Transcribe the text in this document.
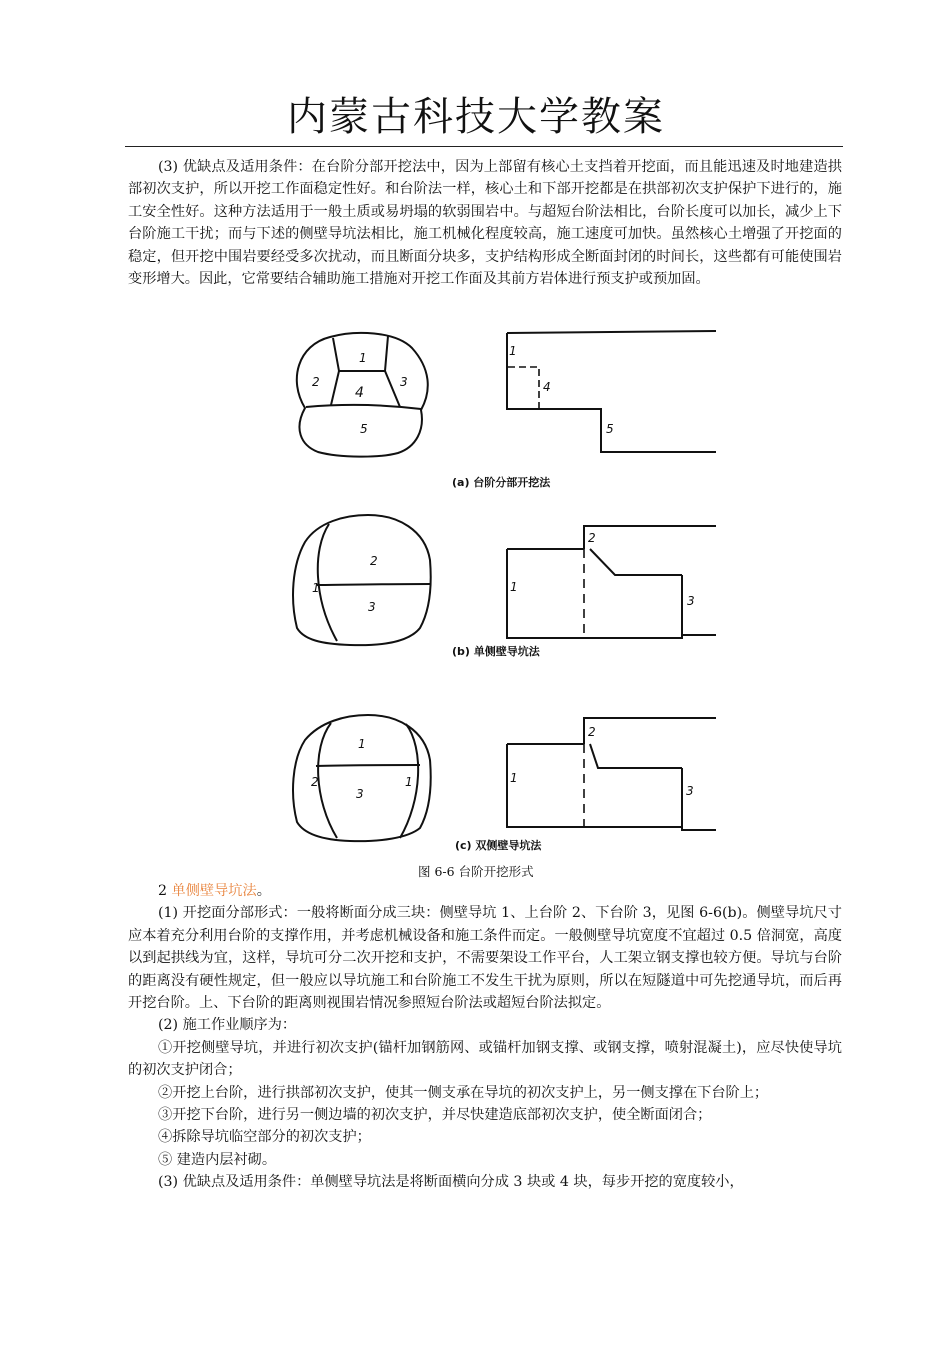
内蒙古科技大学教案

(3) 优缺点及适用条件：在台阶分部开挖法中，因为上部留有核心土支挡着开挖面，而且能迅速及时地建造拱部初次支护，所以开挖工作面稳定性好。和台阶法一样，核心土和下部开挖都是在拱部初次支护保护下进行的，施工安全性好。这种方法适用于一般土质或易坍塌的软弱围岩中。与超短台阶法相比，台阶长度可以加长，减少上下台阶施工干扰；而与下述的侧壁导坑法相比，施工机械化程度较高，施工速度可加快。虽然核心土增强了开挖面的稳定，但开挖中围岩要经受多次扰动，而且断面分块多，支护结构形成全断面封闭的时间长，这些都有可能使围岩变形增大。因此，它常要结合辅助施工措施对开挖工作面及其前方岩体进行预支护或预加固。

1
2	3
4
5
1
4
5
1
2
3
1
2
3
2
1
3
1	1
2
3
(a) 台阶分部开挖法
(b) 单侧壁导坑法
(c) 双侧壁导坑法
图 6-6 台阶开挖形式

2 单侧壁导坑法。

(1) 开挖面分部形式：一般将断面分成三块：侧壁导坑 1、上台阶 2、下台阶 3，见图 6-6(b)。侧壁导坑尺寸应本着充分利用台阶的支撑作用，并考虑机械设备和施工条件而定。一般侧壁导坑宽度不宜超过 0.5 倍洞宽，高度以到起拱线为宜，这样，导坑可分二次开挖和支护，不需要架设工作平台，人工架立钢支撑也较方便。导坑与台阶的距离没有硬性规定，但一般应以导坑施工和台阶施工不发生干扰为原则，所以在短隧道中可先挖通导坑，而后再开挖台阶。上、下台阶的距离则视围岩情况参照短台阶法或超短台阶法拟定。

(2) 施工作业顺序为：

①开挖侧壁导坑，并进行初次支护(锚杆加钢筋网、或锚杆加钢支撑、或钢支撑，喷射混凝土)，应尽快使导坑的初次支护闭合；

②开挖上台阶，进行拱部初次支护，使其一侧支承在导坑的初次支护上，另一侧支撑在下台阶上；

③开挖下台阶，进行另一侧边墙的初次支护，并尽快建造底部初次支护，使全断面闭合；

④拆除导坑临空部分的初次支护；

⑤ 建造内层衬砌。

(3) 优缺点及适用条件：单侧壁导坑法是将断面横向分成 3 块或 4 块，每步开挖的宽度较小，
